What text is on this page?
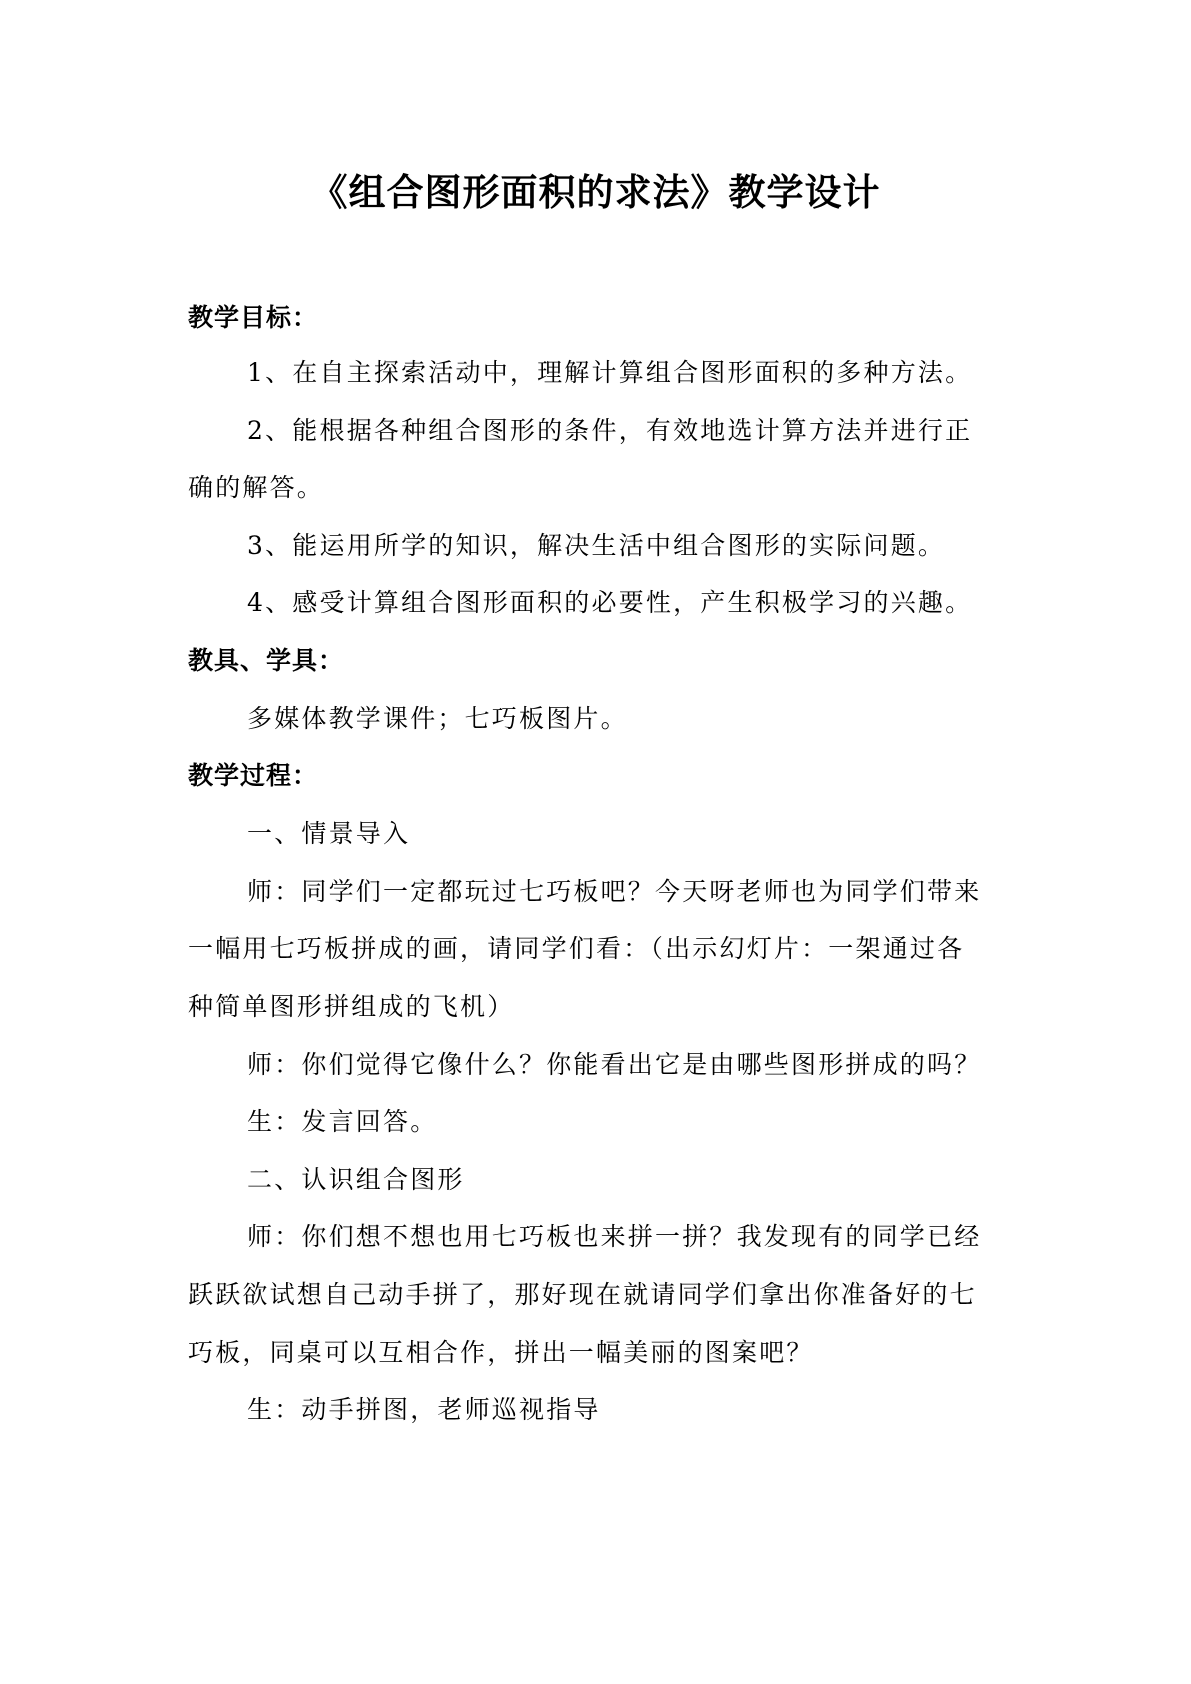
《组合图形面积的求法》教学设计
教学目标：
1、在自主探索活动中，理解计算组合图形面积的多种方法。
2、能根据各种组合图形的条件，有效地选计算方法并进行正
确的解答。
3、能运用所学的知识，解决生活中组合图形的实际问题。
4、感受计算组合图形面积的必要性，产生积极学习的兴趣。
教具、学具：
多媒体教学课件；七巧板图片。
教学过程：
一、情景导入
师：同学们一定都玩过七巧板吧？今天呀老师也为同学们带来
一幅用七巧板拼成的画，请同学们看：（出示幻灯片：一架通过各
种简单图形拼组成的飞机）
师：你们觉得它像什么？你能看出它是由哪些图形拼成的吗？
生：发言回答。
二、认识组合图形
师：你们想不想也用七巧板也来拼一拼？我发现有的同学已经
跃跃欲试想自己动手拼了，那好现在就请同学们拿出你准备好的七
巧板，同桌可以互相合作，拼出一幅美丽的图案吧？
生：动手拼图，老师巡视指导
